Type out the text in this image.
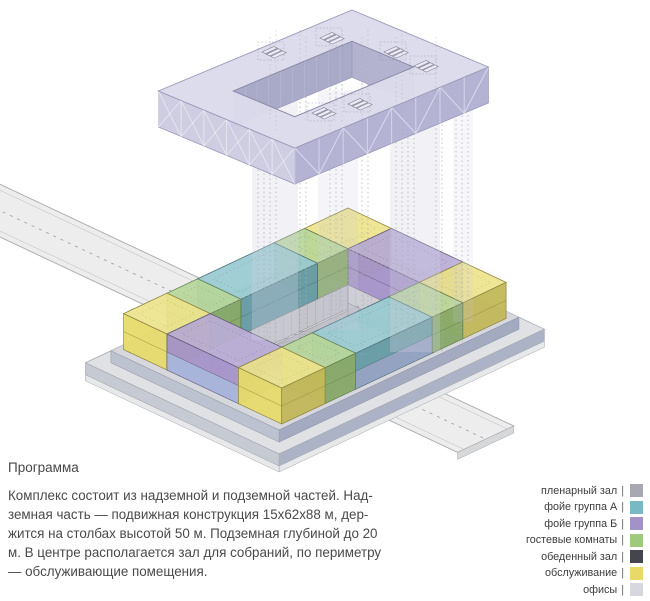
Программа
Комплекс состоит из надземной и подземной частей. Над-
земная часть — подвижная конструкция 15х62х88 м, дер-
жится на столбах высотой 50 м. Подземная глубиной до 20
м. В центре располагается зал для собраний, по периметру
— обслуживающие помещения.
пленарный зал |
фойе группа А |
фойе группа Б |
гостевые комнаты |
обеденный зал |
обслуживание |
офисы |
